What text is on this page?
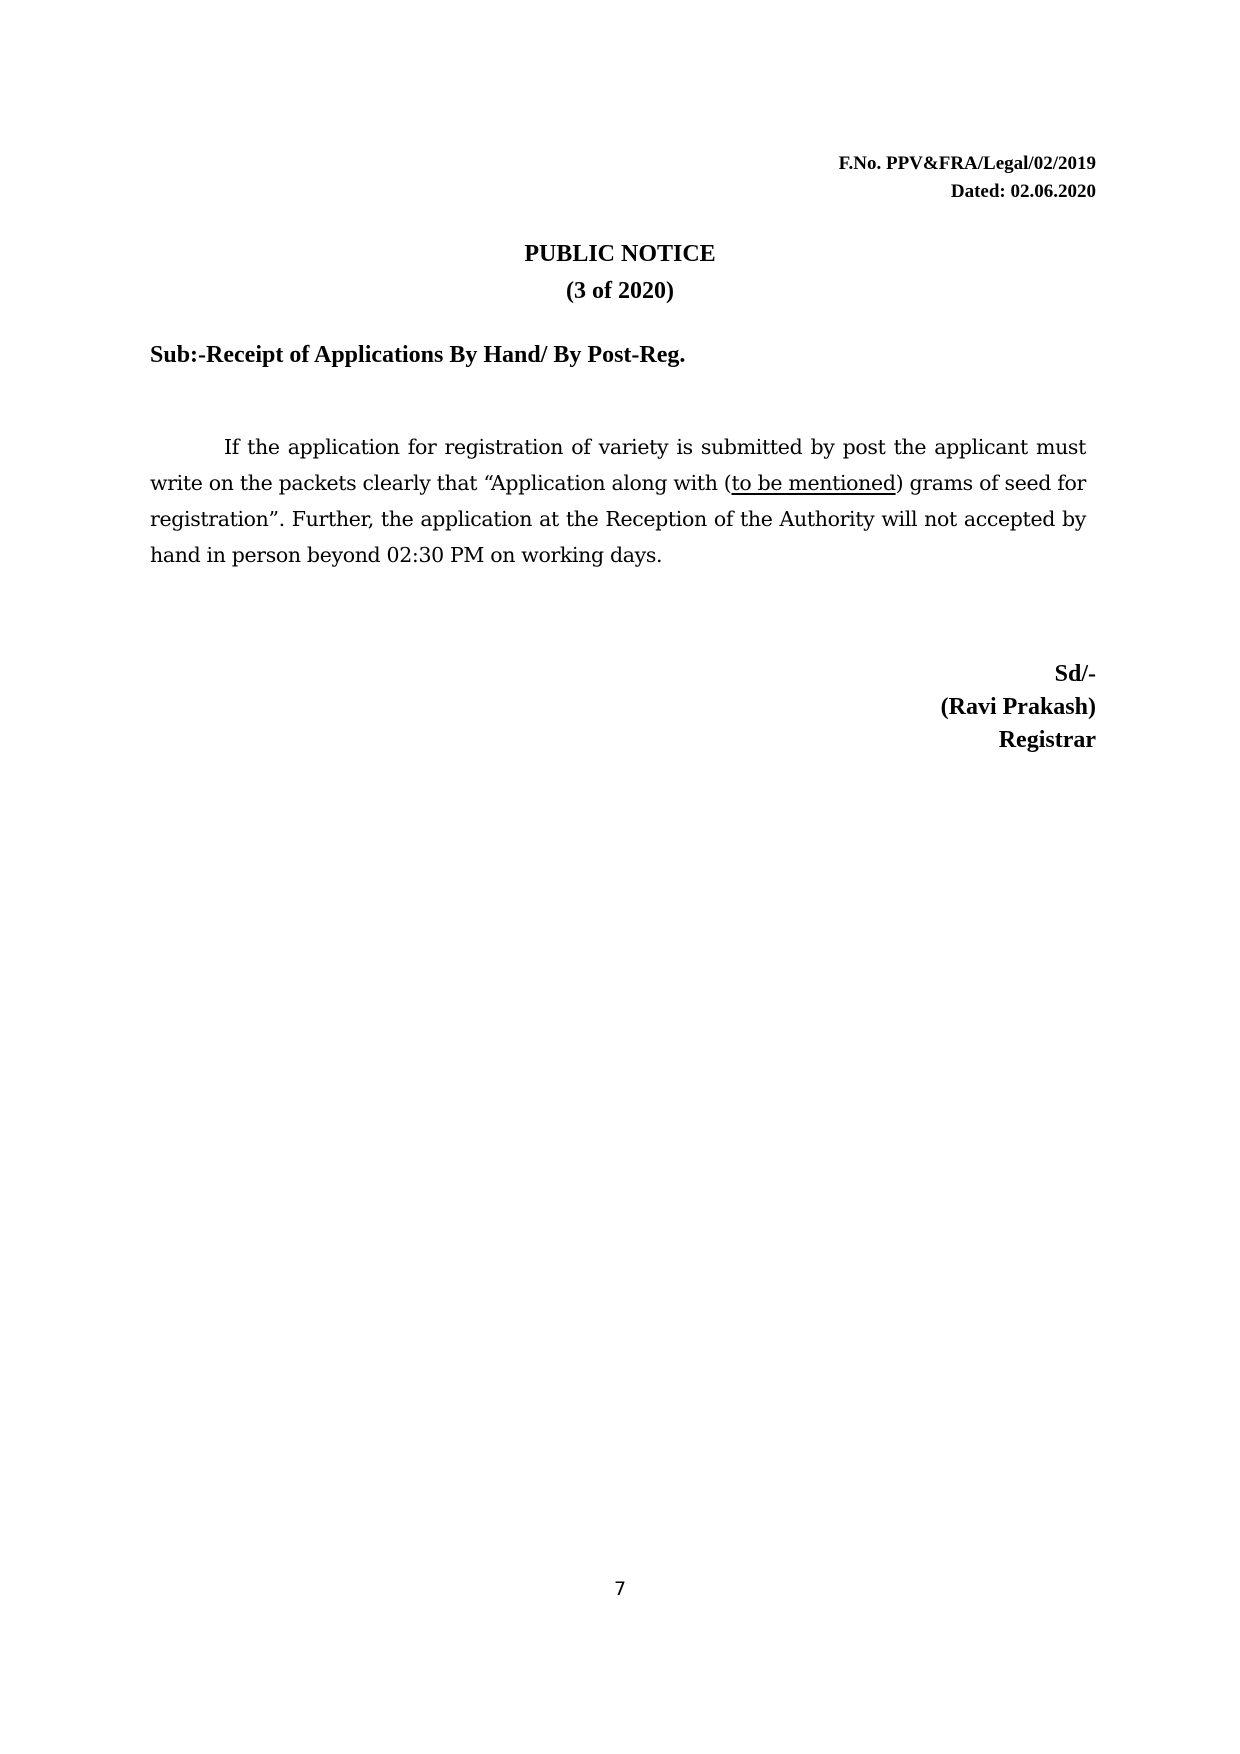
F.No. PPV&FRA/Legal/02/2019
Dated: 02.06.2020
PUBLIC NOTICE
(3 of 2020)
Sub:-Receipt of Applications By Hand/ By Post-Reg.

If the application for registration of variety is submitted by post the applicant must write on the packets clearly that “Application along with (to be mentioned) grams of seed for registration”. Further, the application at the Reception of the Authority will not accepted by hand in person beyond 02:30 PM on working days.

Sd/-
(Ravi Prakash)
Registrar
7
